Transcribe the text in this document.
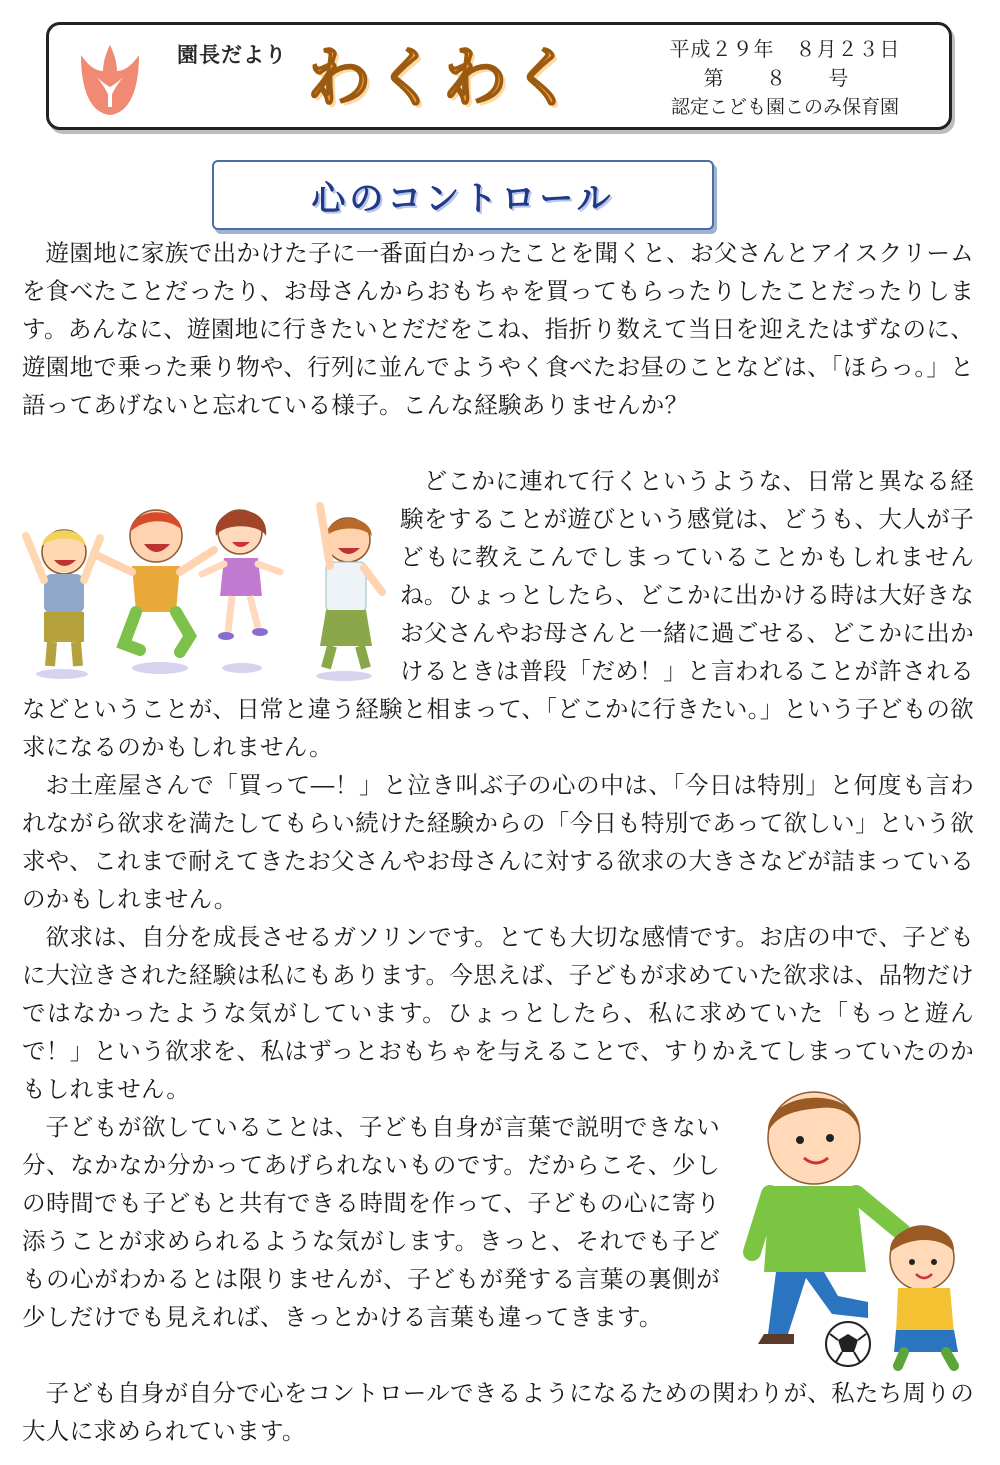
園長だより わくわく	平成２９年　８月２３日
第 ８ 号
認定こども園このみ保育園
心のコントロール

遊園地に家族で出かけた子に一番面白かったことを聞くと、お父さんとアイスクリームを食べたことだったり、お母さんからおもちゃを買ってもらったりしたことだったりします。あんなに、遊園地に行きたいとだだをこね、指折り数えて当日を迎えたはずなのに、遊園地で乗った乗り物や、行列に並んでようやく食べたお昼のことなどは、「ほらっ。」と語ってあげないと忘れている様子。こんな経験ありませんか？

どこかに連れて行くというような、日常と異なる経験をすることが遊びという感覚は、どうも、大人が子どもに教えこんでしまっていることかもしれませんね。ひょっとしたら、どこかに出かける時は大好きなお父さんやお母さんと一緒に過ごせる、どこかに出かけるときは普段「だめ！」と言われることが許されるなどということが、日常と違う経験と相まって、「どこかに行きたい。」という子どもの欲求になるのかもしれません。

お土産屋さんで「買って―！」と泣き叫ぶ子の心の中は、「今日は特別」と何度も言われながら欲求を満たしてもらい続けた経験からの「今日も特別であって欲しい」という欲求や、これまで耐えてきたお父さんやお母さんに対する欲求の大きさなどが詰まっているのかもしれません。

欲求は、自分を成長させるガソリンです。とても大切な感情です。お店の中で、子どもに大泣きされた経験は私にもあります。今思えば、子どもが求めていた欲求は、品物だけではなかったような気がしています。ひょっとしたら、私に求めていた「もっと遊んで！」という欲求を、私はずっとおもちゃを与えることで、すりかえてしまっていたのかもしれません。

子どもが欲していることは、子ども自身が言葉で説明できない分、なかなか分かってあげられないものです。だからこそ、少しの時間でも子どもと共有できる時間を作って、子どもの心に寄り添うことが求められるような気がします。きっと、それでも子どもの心がわかるとは限りませんが、子どもが発する言葉の裏側が少しだけでも見えれば、きっとかける言葉も違ってきます。

子ども自身が自分で心をコントロールできるようになるための関わりが、私たち周りの大人に求められています。
